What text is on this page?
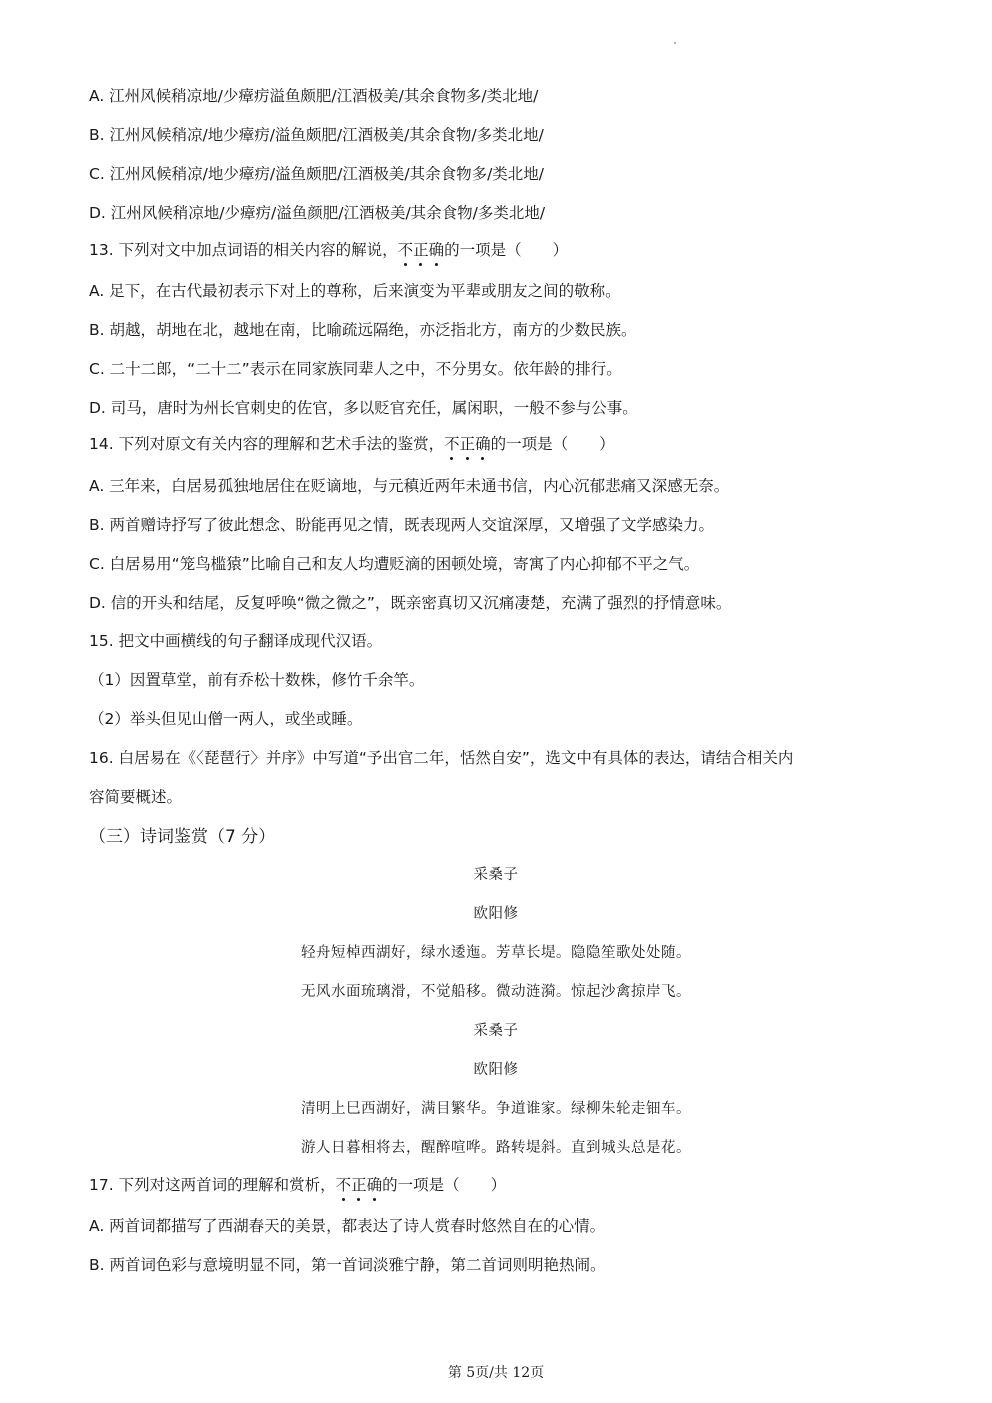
A. 江州风候稍凉地/少瘴疠溢鱼颇肥/江酒极美/其余食物多/类北地/
B. 江州风候稍凉/地少瘴疠/溢鱼颇肥/江酒极美/其余食物/多类北地/
C. 江州风候稍凉/地少瘴疠/溢鱼颇肥/江酒极美/其余食物多/类北地/
D. 江州风候稍凉地/少瘴疠/溢鱼颜肥/江酒极美/其余食物/多类北地/
13. 下列对文中加点词语的相关内容的解说，不正确的一项是（　　）
A. 足下，在古代最初表示下对上的尊称，后来演变为平辈或朋友之间的敬称。
B. 胡越，胡地在北，越地在南，比喻疏远隔绝，亦泛指北方，南方的少数民族。
C. 二十二郎，“二十二”表示在同家族同辈人之中，不分男女。依年龄的排行。
D. 司马，唐时为州长官刺史的佐官，多以贬官充任，属闲职，一般不参与公事。
14. 下列对原文有关内容的理解和艺术手法的鉴赏，不正确的一项是（　　）
A. 三年来，白居易孤独地居住在贬谪地，与元稹近两年未通书信，内心沉郁悲痛又深感无奈。
B. 两首赠诗抒写了彼此想念、盼能再见之情，既表现两人交谊深厚，又增强了文学感染力。
C. 白居易用“笼鸟槛猿”比喻自己和友人均遭贬滴的困顿处境，寄寓了内心抑郁不平之气。
D. 信的开头和结尾，反复呼唤“微之微之”，既亲密真切又沉痛凄楚，充满了强烈的抒情意味。
15. 把文中画横线的句子翻译成现代汉语。
（1）因置草堂，前有乔松十数株，修竹千余竿。
（2）举头但见山僧一两人，或坐或睡。
16. 白居易在《〈琵琶行〉并序》中写道“予出官二年，恬然自安”，选文中有具体的表达，请结合相关内
容简要概述。
（三）诗词鉴赏（7 分）
采桑子
欧阳修
轻舟短棹西湖好，绿水逶迤。芳草长堤。隐隐笙歌处处随。
无风水面琉璃滑，不觉船移。微动涟漪。惊起沙禽掠岸飞。
采桑子
欧阳修
清明上巳西湖好，满目繁华。争道谁家。绿柳朱轮走钿车。
游人日暮相将去，醒醉喧哗。路转堤斜。直到城头总是花。
17. 下列对这两首词的理解和赏析，不正确的一项是（　　）
A. 两首词都描写了西湖春天的美景，都表达了诗人赏春时悠然自在的心情。
B. 两首词色彩与意境明显不同，第一首词淡雅宁静，第二首词则明艳热闹。
第 5页/共 12页
